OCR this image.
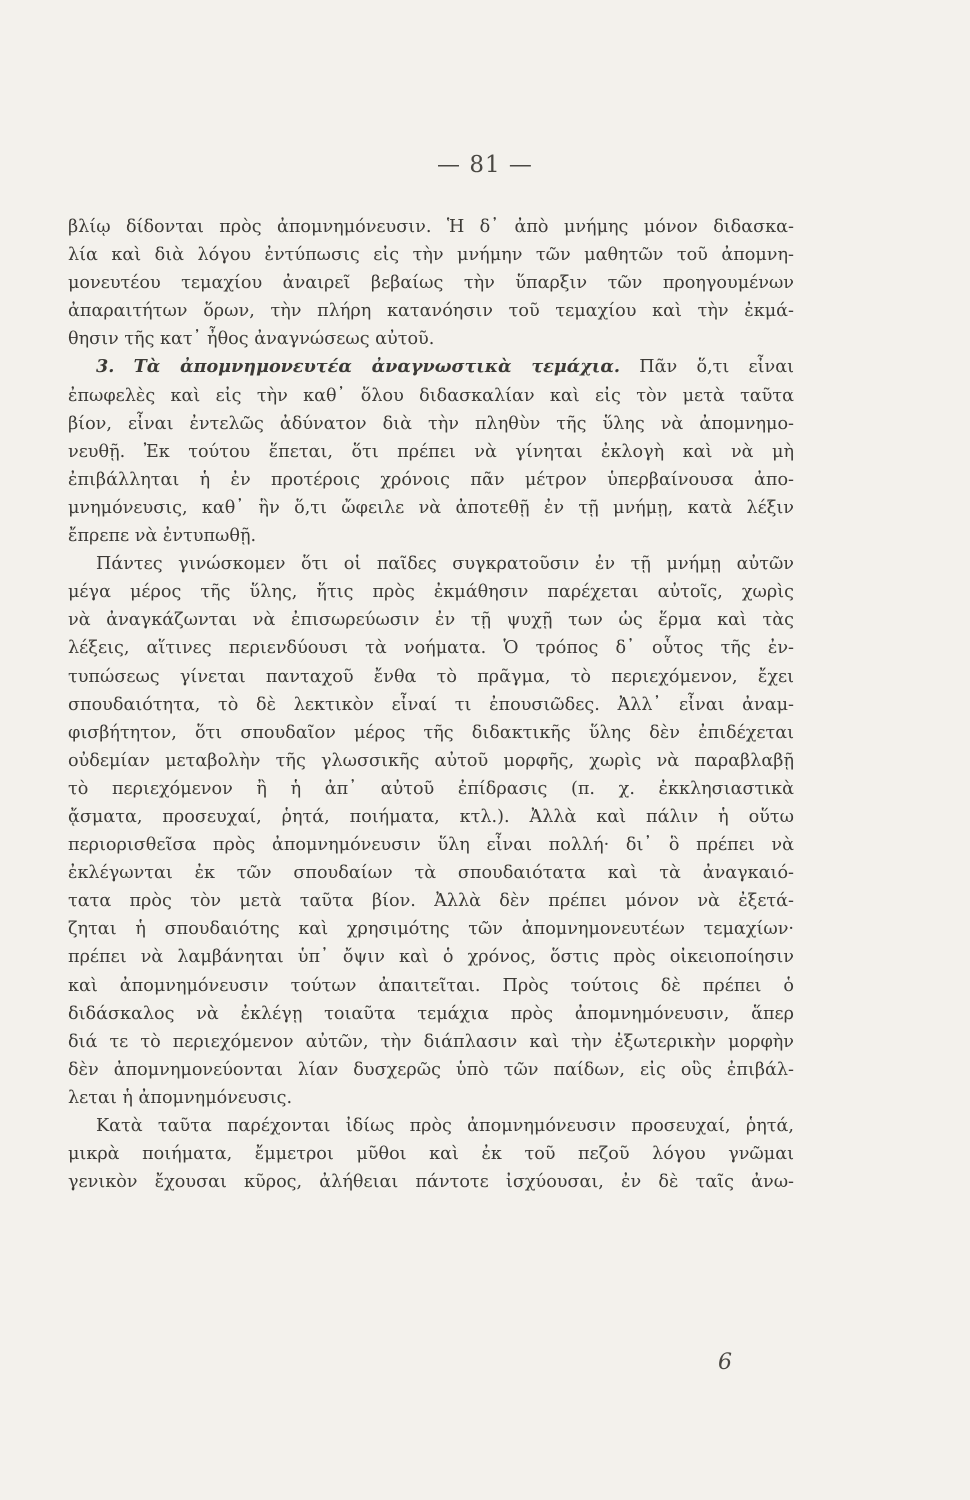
— 81 —
βλίῳ δίδονται πρὸς ἀπομνημόνευσιν. Ἡ δ᾽ ἀπὸ μνήμης μόνον διδασκα-
λία καὶ διὰ λόγου ἐντύπωσις εἰς τὴν μνήμην τῶν μαθητῶν τοῦ ἀπομνη-
μονευτέου τεμαχίου ἀναιρεῖ βεβαίως τὴν ὕπαρξιν τῶν προηγουμένων
ἀπαραιτήτων ὅρων, τὴν πλήρη κατανόησιν τοῦ τεμαχίου καὶ τὴν ἐκμά-
θησιν τῆς κατ᾽ ἦθος ἀναγνώσεως αὐτοῦ.
3. Τὰ ἀπομνημονευτέα ἀναγνωστικὰ τεμάχια. Πᾶν ὅ,τι εἶναι
ἐπωφελὲς καὶ εἰς τὴν καθ᾽ ὅλου διδασκαλίαν καὶ εἰς τὸν μετὰ ταῦτα
βίον, εἶναι ἐντελῶς ἀδύνατον διὰ τὴν πληθὺν τῆς ὕλης νὰ ἀπομνημο-
νευθῇ. Ἐκ τούτου ἕπεται, ὅτι πρέπει νὰ γίνηται ἐκλογὴ καὶ νὰ μὴ
ἐπιβάλληται ἡ ἐν προτέροις χρόνοις πᾶν μέτρον ὑπερβαίνουσα ἀπο-
μνημόνευσις, καθ᾽ ἣν ὅ,τι ὤφειλε νὰ ἀποτεθῇ ἐν τῇ μνήμῃ, κατὰ λέξιν
ἔπρεπε νὰ ἐντυπωθῇ.
Πάντες γινώσκομεν ὅτι οἱ παῖδες συγκρατοῦσιν ἐν τῇ μνήμῃ αὐτῶν
μέγα μέρος τῆς ὕλης, ἥτις πρὸς ἐκμάθησιν παρέχεται αὐτοῖς, χωρὶς
νὰ ἀναγκάζωνται νὰ ἐπισωρεύωσιν ἐν τῇ ψυχῇ των ὡς ἕρμα καὶ τὰς
λέξεις, αἵτινες περιενδύουσι τὰ νοήματα. Ὁ τρόπος δ᾽ οὗτος τῆς ἐν-
τυπώσεως γίνεται πανταχοῦ ἔνθα τὸ πρᾶγμα, τὸ περιεχόμενον, ἔχει
σπουδαιότητα, τὸ δὲ λεκτικὸν εἶναί τι ἐπουσιῶδες. Ἀλλ᾽ εἶναι ἀναμ-
φισβήτητον, ὅτι σπουδαῖον μέρος τῆς διδακτικῆς ὕλης δὲν ἐπιδέχεται
οὐδεμίαν μεταβολὴν τῆς γλωσσικῆς αὐτοῦ μορφῆς, χωρὶς νὰ παραβλαβῇ
τὸ περιεχόμενον ἢ ἡ ἀπ᾽ αὐτοῦ ἐπίδρασις (π. χ. ἐκκλησιαστικὰ
ᾄσματα, προσευχαί, ῥητά, ποιήματα, κτλ.). Ἀλλὰ καὶ πάλιν ἡ οὕτω
περιορισθεῖσα πρὸς ἀπομνημόνευσιν ὕλη εἶναι πολλή· δι᾽ ὃ πρέπει νὰ
ἐκλέγωνται ἐκ τῶν σπουδαίων τὰ σπουδαιότατα καὶ τὰ ἀναγκαιό-
τατα πρὸς τὸν μετὰ ταῦτα βίον. Ἀλλὰ δὲν πρέπει μόνον νὰ ἐξετά-
ζηται ἡ σπουδαιότης καὶ χρησιμότης τῶν ἀπομνημονευτέων τεμαχίων·
πρέπει νὰ λαμβάνηται ὑπ᾽ ὄψιν καὶ ὁ χρόνος, ὅστις πρὸς οἰκειοποίησιν
καὶ ἀπομνημόνευσιν τούτων ἀπαιτεῖται. Πρὸς τούτοις δὲ πρέπει ὁ
διδάσκαλος νὰ ἐκλέγῃ τοιαῦτα τεμάχια πρὸς ἀπομνημόνευσιν, ἅπερ
διά τε τὸ περιεχόμενον αὐτῶν, τὴν διάπλασιν καὶ τὴν ἐξωτερικὴν μορφὴν
δὲν ἀπομνημονεύονται λίαν δυσχερῶς ὑπὸ τῶν παίδων, εἰς οὓς ἐπιβάλ-
λεται ἡ ἀπομνημόνευσις.
Κατὰ ταῦτα παρέχονται ἰδίως πρὸς ἀπομνημόνευσιν προσευχαί, ῥητά,
μικρὰ ποιήματα, ἔμμετροι μῦθοι καὶ ἐκ τοῦ πεζοῦ λόγου γνῶμαι
γενικὸν ἔχουσαι κῦρος, ἀλήθειαι πάντοτε ἰσχύουσαι, ἐν δὲ ταῖς ἀνω-
6
